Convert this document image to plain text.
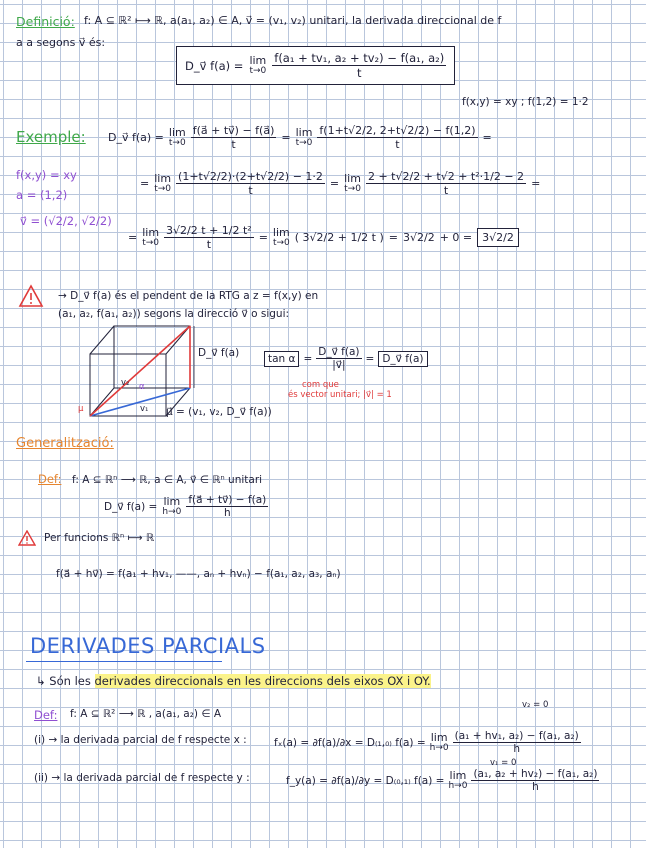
Definició: f: A ⊆ ℝ² ⟼ ℝ, a(a₁, a₂) ∈ A, v⃗ = (v₁, v₂) unitari, la derivada direccional de f
a a segons v⃗ és:
D_v⃗ f(a) = lim
$t\to 0 \frac{\text{f(a₁ + tv₁, a₂ + tv₂) − f(a₁, a₂)}}{t}$
f(x,y) = xy ; f(1,2) = 1·2
Exemple: D_v⃗ f(a) = lim
$t\to 0 \frac{f(a⃗ + tv⃗) - f(a⃗)}{t} = \lim$
$t\to 0 \frac{f(1+t√2/2, 2+t√2/2) - f(1,2)}{t}$ =
f(x,y) = xy
a = (1,2)
v⃗ = (√2/2, √2/2)
= lim
$t\to 0 \frac{(1+t√2/2)\cdot(2+t√2/2) - 1\cdot 2}{t} = \lim$
$t\to 0 \frac{\text{2 + t√2/2 + t√2 + t²·1/2 − 2}}{t}$ =
= lim
$t\to 0 \frac{\text{3√2/2 t + 1/2 t²}}{t} = \lim$
t→0 ( 3√2/2 + 1/2 t ) = 3√2/2 + 0 = 3√2/2
→ D_v⃗ f(a) és el pendent de la RTG a z = f(x,y) en
(a₁, a₂, f(a₁, a₂)) segons la direcció v⃗ o sigui:
D_v⃗ f(a)
v₂ α
v₁
μ	μ⃗ = (v₁, v₂, D_v⃗ f(a))
$\tan \alpha = \frac{D\_v⃗ f(a)}{|v⃗|}$ = D_v⃗ f(a)
com que
és vector unitari; |v⃗| = 1
Generalització:
Def: f: A ⊆ ℝⁿ ⟶ ℝ, a ∈ A, v⃗ ∈ ℝⁿ unitari
D_v⃗ f(a) = lim
$h\to 0 \frac{f(a⃗ + tv⃗) - f(a)}{h}$
Per funcions ℝⁿ ⟼ ℝ
f(a⃗ + hv⃗) = f(a₁ + hv₁, ——, aₙ + hvₙ) − f(a₁, a₂, a₃, aₙ)
DERIVADES PARCIALS
↳ Són les derivades direccionals en les direccions dels eixos OX i OY.
Def: f: A ⊆ ℝ² ⟶ ℝ , a(a₁, a₂) ∈ A
v₂ = 0
(i) → la derivada parcial de f respecte x :	fₓ(a) = ∂f(a)/∂x = D₍₁,₀₎ f(a) = lim
$h\to 0 \frac{\text{(a₁ + hv₁, a₂) − f(a₁, a₂)}}{h}$
v₁ = 0
(ii) → la derivada parcial de f respecte y :	f_y(a) = ∂f(a)/∂y = D₍₀,₁₎ f(a) = lim
$h\to 0 \frac{\text{(a₁, a₂ + hv₂) − f(a₁, a₂)}}{h}$
